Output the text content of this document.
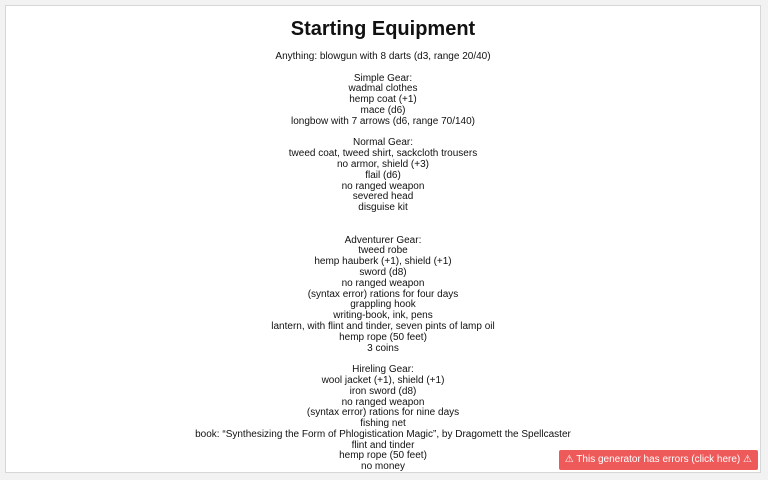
Starting Equipment
Anything: blowgun with 8 darts (d3, range 20/40)
Simple Gear:
wadmal clothes
hemp coat (+1)
mace (d6)
longbow with 7 arrows (d6, range 70/140)
Normal Gear:
tweed coat, tweed shirt, sackcloth trousers
no armor, shield (+3)
flail (d6)
no ranged weapon
severed head
disguise kit
Adventurer Gear:
tweed robe
hemp hauberk (+1), shield (+1)
sword (d8)
no ranged weapon
(syntax error) rations for four days
grappling hook
writing-book, ink, pens
lantern, with flint and tinder, seven pints of lamp oil
hemp rope (50 feet)
3 coins
Hireling Gear:
wool jacket (+1), shield (+1)
iron sword (d8)
no ranged weapon
(syntax error) rations for nine days
fishing net
book: “Synthesizing the Form of Phlogistication Magic”, by Dragomett the Spellcaster
flint and tinder
hemp rope (50 feet)
no money
⚠ This generator has errors (click here) ⚠
